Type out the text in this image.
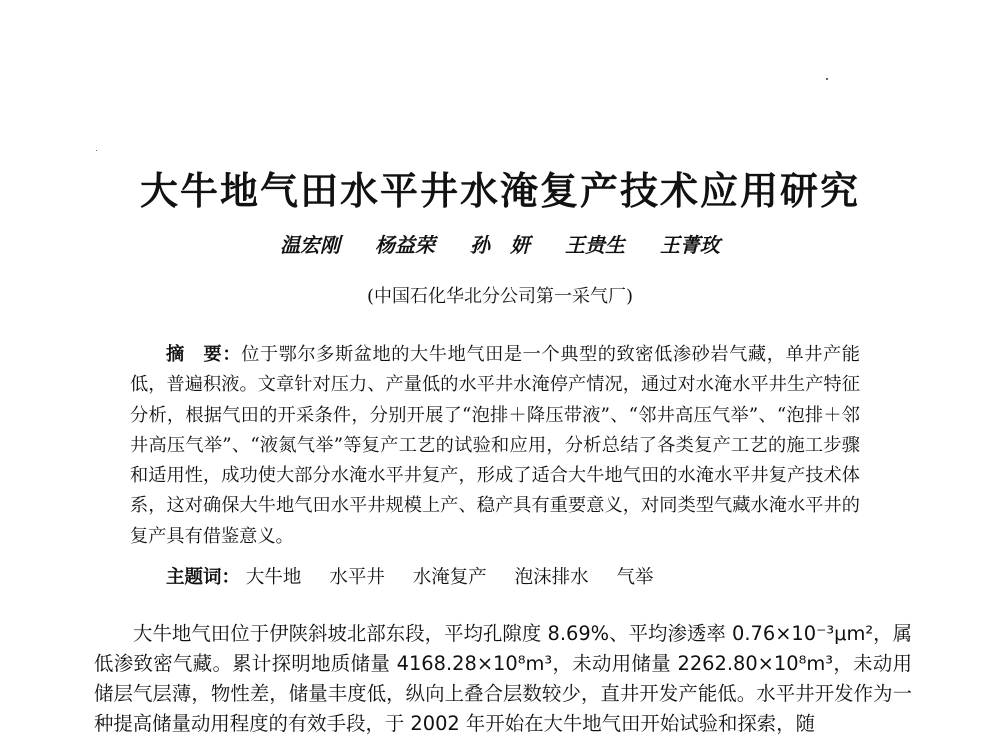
大牛地气田水平井水淹复产技术应用研究
温宏刚 杨益荣 孙　妍 王贵生 王菁玫
(中国石化华北分公司第一采气厂)
摘　要：位于鄂尔多斯盆地的大牛地气田是一个典型的致密低渗砂岩气藏，单井产能低，普遍积液。文章针对压力、产量低的水平井水淹停产情况，通过对水淹水平井生产特征分析，根据气田的开采条件，分别开展了“泡排＋降压带液”、“邻井高压气举”、“泡排＋邻井高压气举”、“液氮气举”等复产工艺的试验和应用，分析总结了各类复产工艺的施工步骤和适用性，成功使大部分水淹水平井复产，形成了适合大牛地气田的水淹水平井复产技术体系，这对确保大牛地气田水平井规模上产、稳产具有重要意义，对同类型气藏水淹水平井的复产具有借鉴意义。
主题词： 大牛地 水平井 水淹复产 泡沫排水 气举
大牛地气田位于伊陕斜坡北部东段，平均孔隙度 8.69%、平均渗透率 0.76×10⁻³μm²，属低渗致密气藏。累计探明地质储量 4168.28×10⁸m³，未动用储量 2262.80×10⁸m³，未动用储层气层薄，物性差，储量丰度低，纵向上叠合层数较少，直井开发产能低。水平井开发作为一种提高储量动用程度的有效手段，于 2002 年开始在大牛地气田开始试验和探索，随
